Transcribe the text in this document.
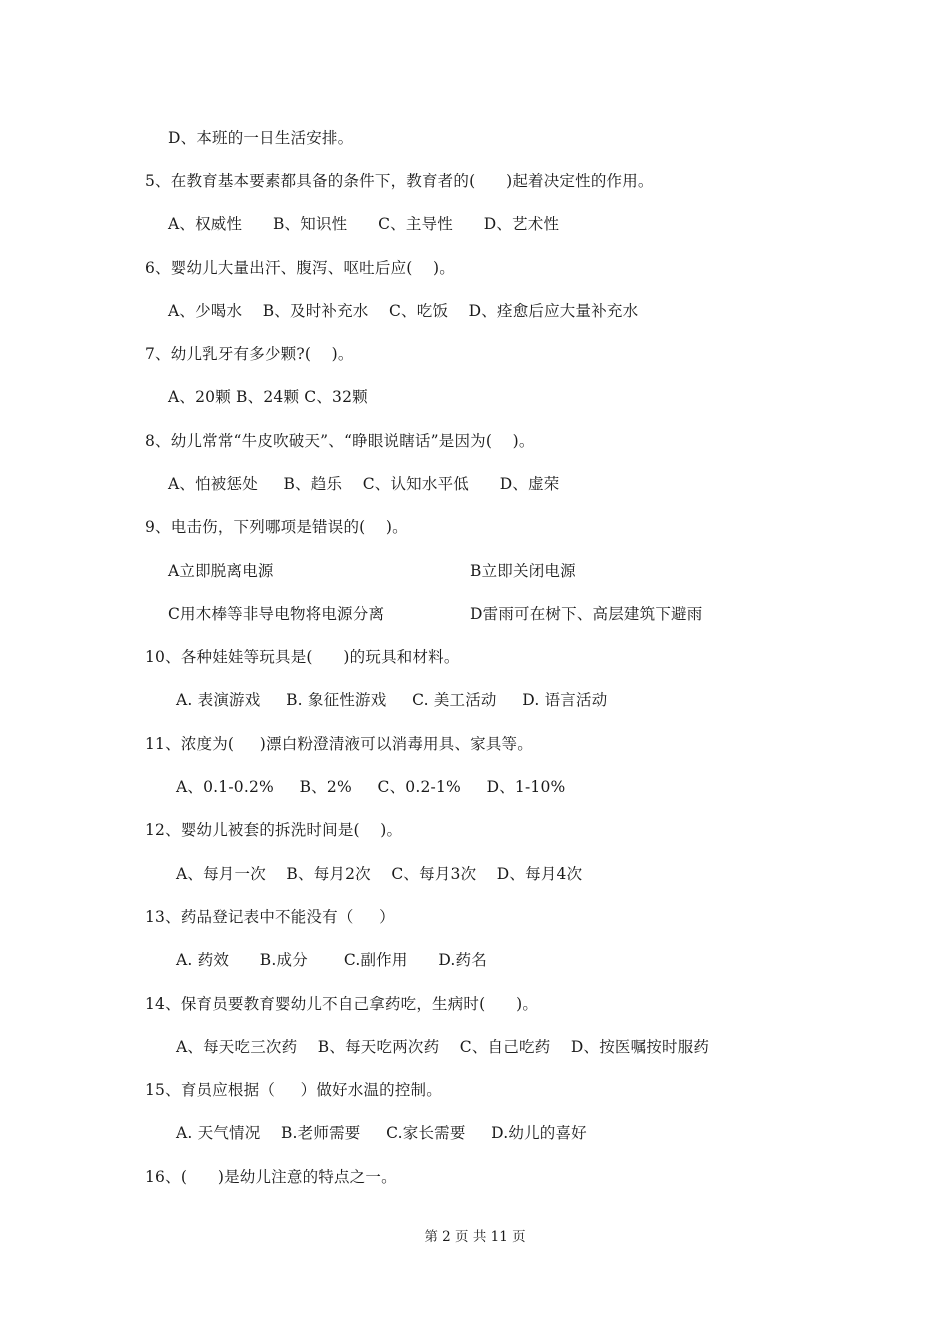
D、本班的一日生活安排。
5、在教育基本要素都具备的条件下，教育者的(      )起着决定性的作用。
A、权威性      B、知识性      C、主导性      D、艺术性
6、婴幼儿大量出汗、腹泻、呕吐后应(    )。
A、少喝水    B、及时补充水    C、吃饭    D、痊愈后应大量补充水
7、幼儿乳牙有多少颗?(    )。
A、20颗 B、24颗 C、32颗
8、幼儿常常“牛皮吹破天”、“睁眼说瞎话”是因为(    )。
A、怕被惩处     B、趋乐    C、认知水平低      D、虚荣
9、电击伤，下列哪项是错误的(    )。
A立即脱离电源	B立即关闭电源
C用木棒等非导电物将电源分离	D雷雨可在树下、高层建筑下避雨
10、各种娃娃等玩具是(      )的玩具和材料。
A. 表演游戏     B. 象征性游戏     C. 美工活动     D. 语言活动
11、浓度为(     )漂白粉澄清液可以消毒用具、家具等。
A、0.1-0.2%     B、2%     C、0.2-1%     D、1-10%
12、婴幼儿被套的拆洗时间是(    )。
A、每月一次    B、每月2次    C、每月3次    D、每月4次
13、药品登记表中不能没有（     ）
A. 药效      B.成分       C.副作用      D.药名
14、保育员要教育婴幼儿不自己拿药吃，生病时(      )。
A、每天吃三次药    B、每天吃两次药    C、自己吃药    D、按医嘱按时服药
15、育员应根据（     ）做好水温的控制。
A. 天气情况    B.老师需要     C.家长需要     D.幼儿的喜好
16、(      )是幼儿注意的特点之一。
第 2 页 共 11 页
